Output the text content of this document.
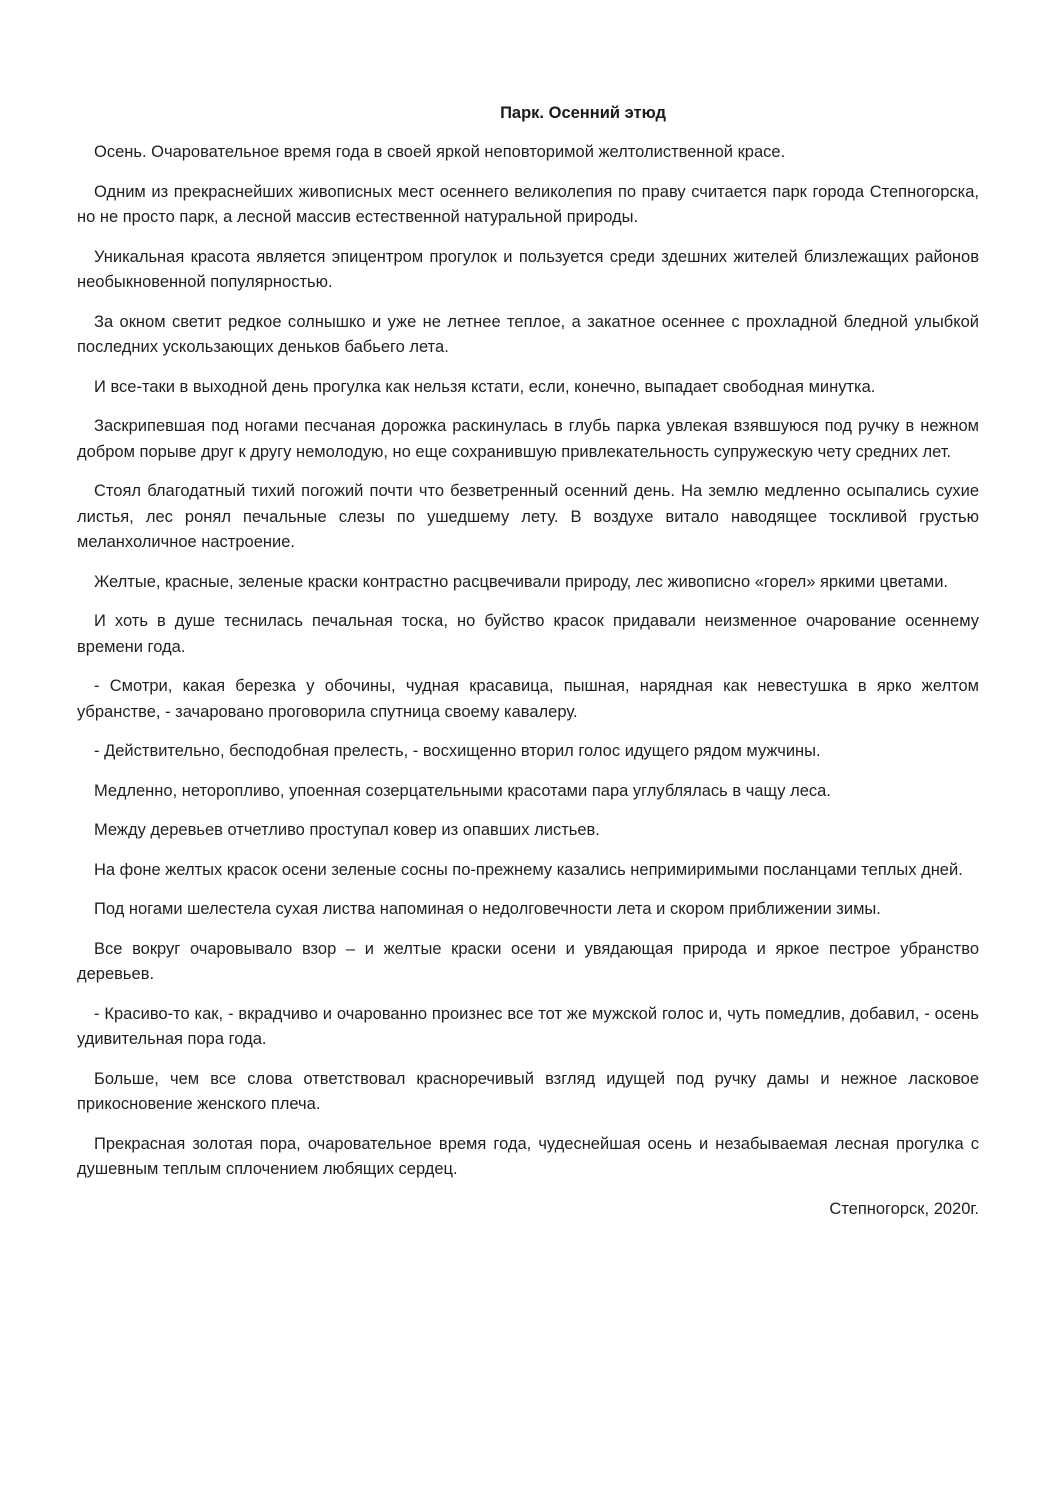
Парк. Осенний этюд

Осень. Очаровательное время года в своей яркой неповторимой желтолиственной красе.

Одним из прекраснейших живописных мест осеннего великолепия по праву считается парк города Степногорска, но не просто парк, а лесной массив естественной натуральной природы.

Уникальная красота является эпицентром прогулок и пользуется среди здешних жителей близлежащих районов необыкновенной популярностью.

За окном светит редкое солнышко и уже не летнее теплое, а закатное осеннее с прохладной бледной улыбкой последних ускользающих деньков бабьего лета.

И все-таки в выходной день прогулка как нельзя кстати, если, конечно, выпадает свободная минутка.

Заскрипевшая под ногами песчаная дорожка раскинулась в глубь парка увлекая взявшуюся под ручку в нежном добром порыве друг к другу немолодую, но еще сохранившую привлекательность супружескую чету средних лет.

Стоял благодатный тихий погожий почти что безветренный осенний день. На землю медленно осыпались сухие листья, лес ронял печальные слезы по ушедшему лету. В воздухе витало наводящее тоскливой грустью меланхоличное настроение.

Желтые, красные, зеленые краски контрастно расцвечивали природу, лес живописно «горел» яркими цветами.

И хоть в душе теснилась печальная тоска, но буйство красок придавали неизменное очарование осеннему времени года.

- Смотри, какая березка у обочины, чудная красавица, пышная, нарядная как невестушка в ярко желтом убранстве, - зачаровано проговорила спутница своему кавалеру.

- Действительно, бесподобная прелесть, - восхищенно вторил голос идущего рядом мужчины.

Медленно, неторопливо, упоенная созерцательными красотами пара углублялась в чащу леса.

Между деревьев отчетливо проступал ковер из опавших листьев.

На фоне желтых красок осени зеленые сосны по-прежнему казались непримиримыми посланцами теплых дней.

Под ногами шелестела сухая листва напоминая о недолговечности лета и скором приближении зимы.

Все вокруг очаровывало взор – и желтые краски осени и увядающая природа и яркое пестрое убранство деревьев.

- Красиво-то как, - вкрадчиво и очарованно произнес все тот же мужской голос и, чуть помедлив, добавил, - осень удивительная пора года.

Больше, чем все слова ответствовал красноречивый взгляд идущей под ручку дамы и нежное ласковое прикосновение женского плеча.

Прекрасная золотая пора, очаровательное время года, чудеснейшая осень и незабываемая лесная прогулка с душевным теплым сплочением любящих сердец.

Степногорск, 2020г.
